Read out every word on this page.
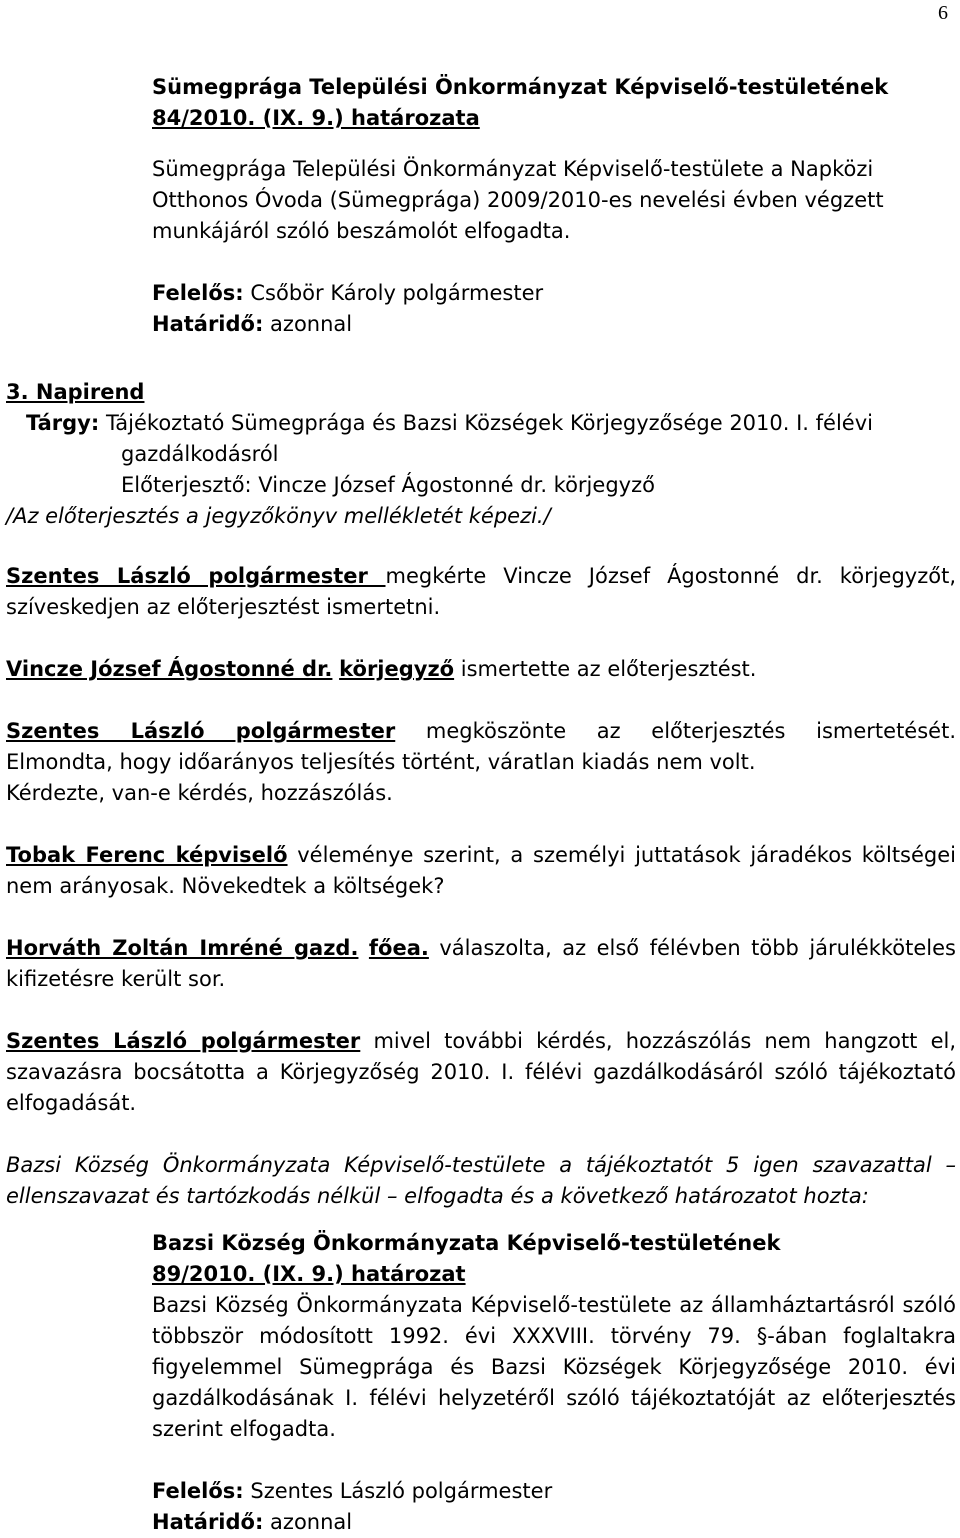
6

Sümegprága Települési Önkormányzat Képviselő-testületének

84/2010. (IX. 9.) határozata

Sümegprága Települési Önkormányzat Képviselő-testülete a Napközi Otthonos Óvoda (Sümegprága) 2009/2010-es nevelési évben végzett munkájáról szóló beszámolót elfogadta.

Felelős: Csőbör Károly polgármester
Határidő: azonnal

3. Napirend

Tárgy: Tájékoztató Sümegprága és Bazsi Községek Körjegyzősége 2010. I. félévi

gazdálkodásról

Előterjesztő: Vincze József Ágostonné dr. körjegyző

/Az előterjesztés a jegyzőkönyv mellékletét képezi./

Szentes László polgármester megkérte Vincze József Ágostonné dr. körjegyzőt, szíveskedjen az előterjesztést ismertetni.

Vincze József Ágostonné dr. körjegyző ismertette az előterjesztést.

Szentes László polgármester megköszönte az előterjesztés ismertetését.

Elmondta, hogy időarányos teljesítés történt, váratlan kiadás nem volt.

Kérdezte, van-e kérdés, hozzászólás.

Tobak Ferenc képviselő véleménye szerint, a személyi juttatások járadékos költségei nem arányosak. Növekedtek a költségek?

Horváth Zoltán Imréné gazd. főea. válaszolta, az első félévben több járulékköteles kifizetésre került sor.

Szentes László polgármester mivel további kérdés, hozzászólás nem hangzott el, szavazásra bocsátotta a Körjegyzőség 2010. I. félévi gazdálkodásáról szóló tájékoztató elfogadását.

Bazsi Község Önkormányzata Képviselő-testülete a tájékoztatót 5 igen szavazattal – ellenszavazat és tartózkodás nélkül – elfogadta és a következő határozatot hozta:

Bazsi Község Önkormányzata Képviselő-testületének

89/2010. (IX. 9.) határozat

Bazsi Község Önkormányzata Képviselő-testülete az államháztartásról szóló többször módosított 1992. évi XXXVIII. törvény 79. §-ában foglaltakra figyelemmel Sümegprága és Bazsi Községek Körjegyzősége 2010. évi gazdálkodásának I. félévi helyzetéről szóló tájékoztatóját az előterjesztés szerint elfogadta.

Felelős: Szentes László polgármester
Határidő: azonnal
